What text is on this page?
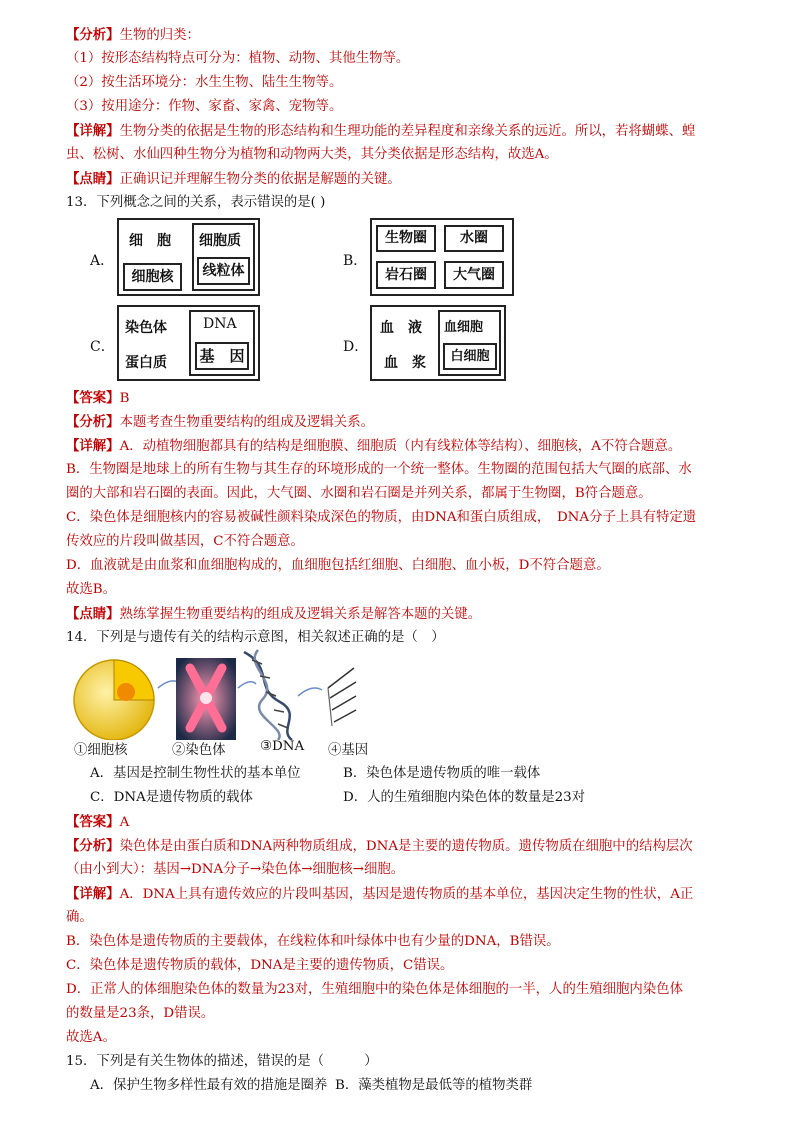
【分析】生物的归类：
（1）按形态结构特点可分为：植物、动物、其他生物等。
（2）按生活环境分：水生生物、陆生生物等。
（3）按用途分：作物、家畜、家禽、宠物等。
【详解】生物分类的依据是生物的形态结构和生理功能的差异程度和亲缘关系的远近。所以，若将蝴蝶、蝗
虫、松树、水仙四种生物分为植物和动物两大类，其分类依据是形态结构，故选A。
【点睛】正确识记并理解生物分类的依据是解题的关键。
13．下列概念之间的关系，表示错误的是( )
A．
细　胞
细胞核
细胞质
线粒体
B．
生物圈	水圈
岩石圈	大气圈
C．
染色体
蛋白质
DNA
基　因	D．
血　液
血　浆
血细胞
白细胞
【答案】B
【分析】本题考查生物重要结构的组成及逻辑关系。
【详解】A．动植物细胞都具有的结构是细胞膜、细胞质（内有线粒体等结构）、细胞核，A不符合题意。
B．生物圈是地球上的所有生物与其生存的环境形成的一个统一整体。生物圈的范围包括大气圈的底部、水
圈的大部和岩石圈的表面。因此，大气圈、水圈和岩石圈是并列关系，都属于生物圈，B符合题意。
C．染色体是细胞核内的容易被碱性颜料染成深色的物质，由DNA和蛋白质组成，　DNA分子上具有特定遗
传效应的片段叫做基因，C不符合题意。
D．血液就是由血浆和血细胞构成的，血细胞包括红细胞、白细胞、血小板，D不符合题意。
故选B。
【点睛】熟练掌握生物重要结构的组成及逻辑关系是解答本题的关键。
14．下列是与遗传有关的结构示意图，相关叙述正确的是（　）
①细胞核	②染色体	③DNA ④基因
A．基因是控制生物性状的基本单位	B．染色体是遗传物质的唯一载体
C．DNA是遗传物质的载体	D．人的生殖细胞内染色体的数量是23对
【答案】A
【分析】染色体是由蛋白质和DNA两种物质组成，DNA是主要的遗传物质。遗传物质在细胞中的结构层次
（由小到大）：基因→DNA分子→染色体→细胞核→细胞。
【详解】A．DNA上具有遗传效应的片段叫基因，基因是遗传物质的基本单位，基因决定生物的性状，A正
确。
B．染色体是遗传物质的主要载体，在线粒体和叶绿体中也有少量的DNA，B错误。
C．染色体是遗传物质的载体，DNA是主要的遗传物质，C错误。
D．正常人的体细胞染色体的数量为23对，生殖细胞中的染色体是体细胞的一半，人的生殖细胞内染色体
的数量是23条，D错误。
故选A。
15．下列是有关生物体的描述，错误的是（　　　）
A．保护生物多样性最有效的措施是圈养 B．藻类植物是最低等的植物类群
